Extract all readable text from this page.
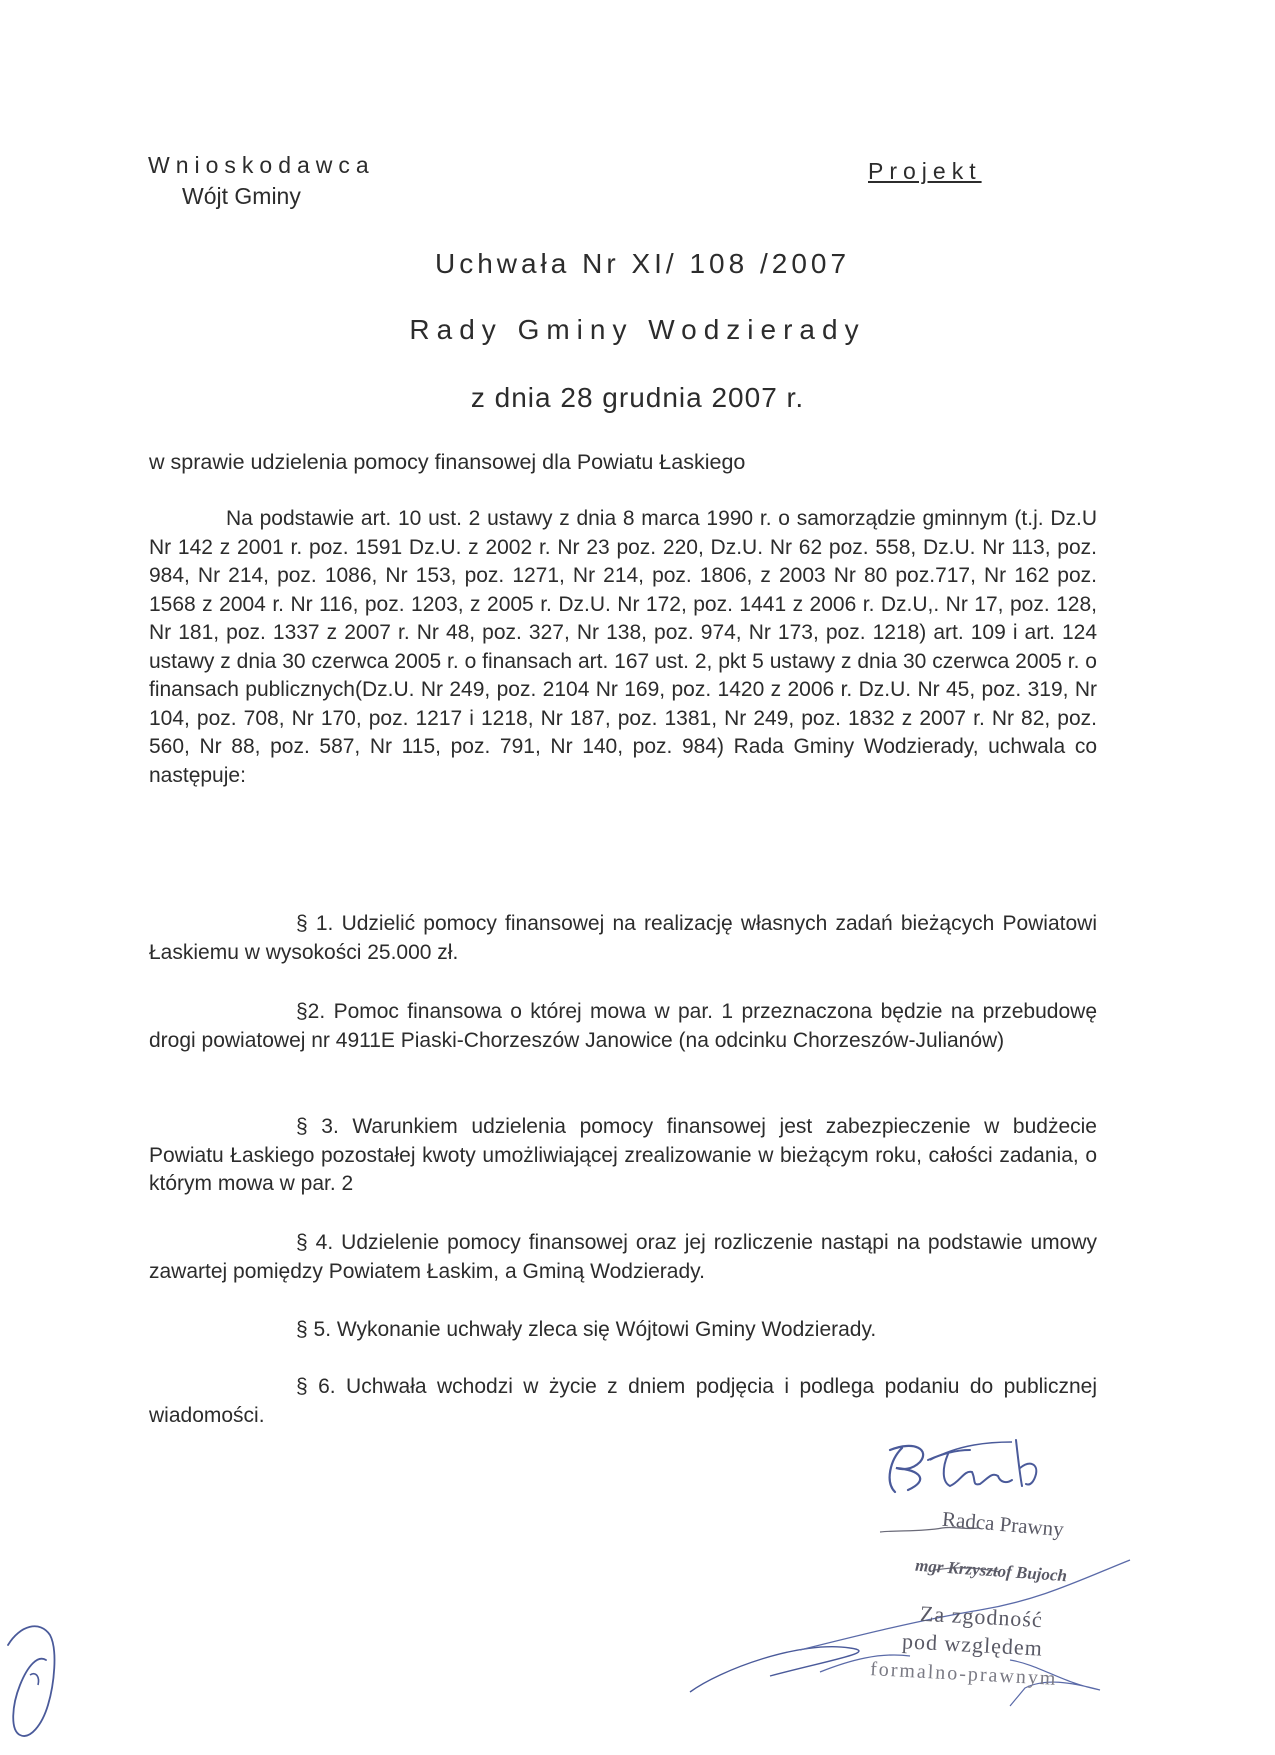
Wnioskodawca
Wójt Gminy
Projekt
Uchwała Nr XI/ 108 /2007
Rady Gminy Wodzierady
z dnia 28 grudnia 2007 r.
w sprawie udzielenia pomocy finansowej dla Powiatu Łaskiego

Na podstawie art. 10 ust. 2 ustawy z dnia 8 marca 1990 r. o samorządzie gminnym (t.j. Dz.U Nr 142 z 2001 r. poz. 1591 Dz.U. z 2002 r. Nr 23 poz. 220, Dz.U. Nr 62 poz. 558, Dz.U. Nr 113, poz. 984, Nr 214, poz. 1086, Nr 153, poz. 1271, Nr 214, poz. 1806, z 2003 Nr 80 poz.717, Nr 162 poz. 1568 z 2004 r. Nr 116, poz. 1203, z 2005 r. Dz.U. Nr 172, poz. 1441 z 2006 r. Dz.U,. Nr 17, poz. 128, Nr 181, poz. 1337 z 2007 r. Nr 48, poz. 327, Nr 138, poz. 974, Nr 173, poz. 1218) art. 109 i art. 124 ustawy z dnia 30 czerwca 2005 r. o finansach art. 167 ust. 2, pkt 5 ustawy z dnia 30 czerwca 2005 r. o finansach publicznych(Dz.U. Nr 249, poz. 2104 Nr 169, poz. 1420 z 2006 r. Dz.U. Nr 45, poz. 319, Nr 104, poz. 708, Nr 170, poz. 1217 i 1218, Nr 187, poz. 1381, Nr 249, poz. 1832 z 2007 r. Nr 82, poz. 560, Nr 88, poz. 587, Nr 115, poz. 791, Nr 140, poz. 984) Rada Gminy Wodzierady, uchwala co następuje:

§ 1. Udzielić pomocy finansowej na realizację własnych zadań bieżących Powiatowi Łaskiemu w wysokości 25.000 zł.

§2. Pomoc finansowa o której mowa w par. 1 przeznaczona będzie na przebudowę drogi powiatowej nr 4911E Piaski-Chorzeszów Janowice (na odcinku Chorzeszów-Julianów)

§ 3. Warunkiem udzielenia pomocy finansowej jest zabezpieczenie w budżecie Powiatu Łaskiego pozostałej kwoty umożliwiającej zrealizowanie w bieżącym roku, całości zadania, o którym mowa w par. 2

§ 4. Udzielenie pomocy finansowej oraz jej rozliczenie nastąpi na podstawie umowy zawartej pomiędzy Powiatem Łaskim, a Gminą Wodzierady.

§ 5. Wykonanie uchwały zleca się Wójtowi Gminy Wodzierady.

§ 6. Uchwała wchodzi w życie z dniem podjęcia i podlega podaniu do publicznej wiadomości.

Radca Prawny
mgr Krzysztof Bujoch
Za zgodność
pod względem
formalno-prawnym
